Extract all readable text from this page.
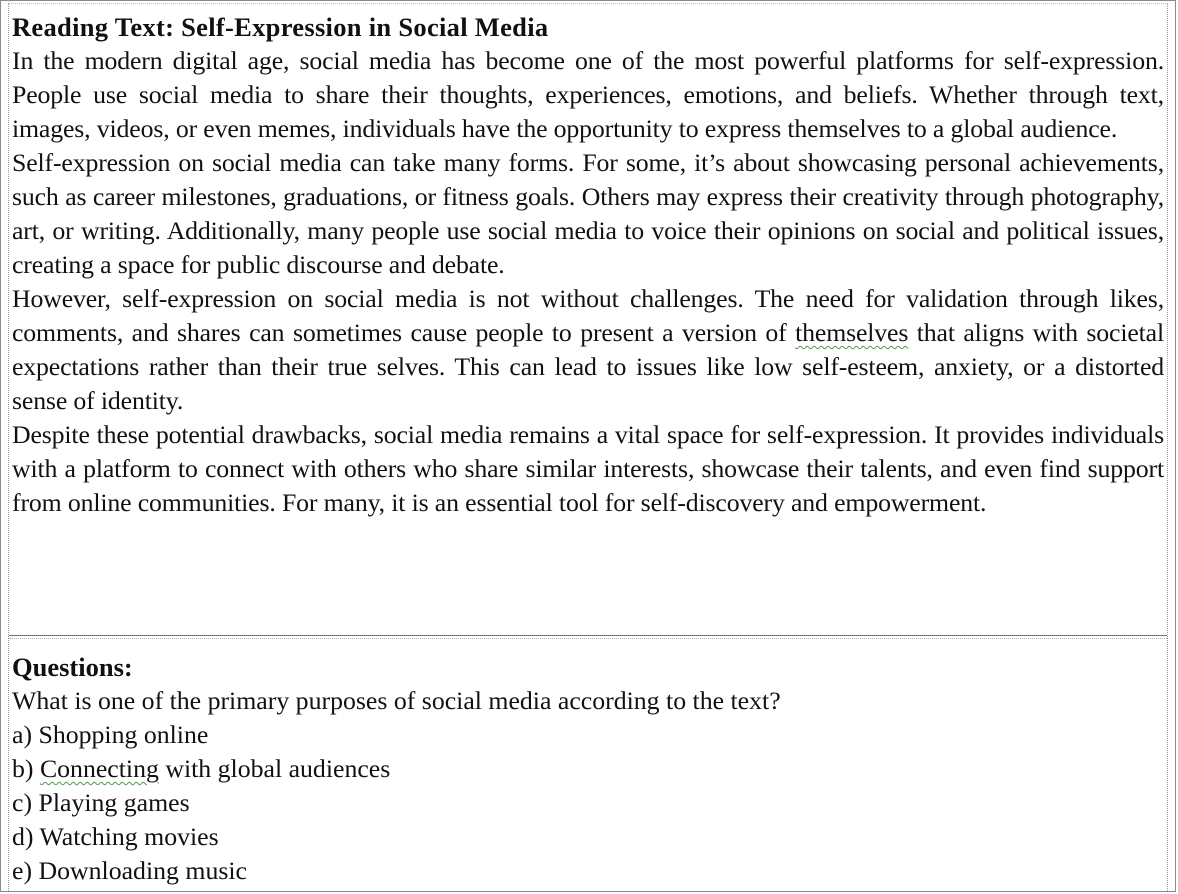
Reading Text: Self-Expression in Social Media

In the modern digital age, social media has become one of the most powerful platforms for self-expression. People use social media to share their thoughts, experiences, emotions, and beliefs. Whether through text, images, videos, or even memes, individuals have the opportunity to express themselves to a global audience.

Self-expression on social media can take many forms. For some, it’s about showcasing personal achievements, such as career milestones, graduations, or fitness goals. Others may express their creativity through photography, art, or writing. Additionally, many people use social media to voice their opinions on social and political issues, creating a space for public discourse and debate.

However, self-expression on social media is not without challenges. The need for validation through likes, comments, and shares can sometimes cause people to present a version of themselves that aligns with societal expectations rather than their true selves. This can lead to issues like low self-esteem, anxiety, or a distorted sense of identity.

Despite these potential drawbacks, social media remains a vital space for self-expression. It provides individuals with a platform to connect with others who share similar interests, showcase their talents, and even find support from online communities. For many, it is an essential tool for self-discovery and empowerment.

Questions:

What is one of the primary purposes of social media according to the text?

a) Shopping online

b) Connecting with global audiences

c) Playing games

d) Watching movies

e) Downloading music
